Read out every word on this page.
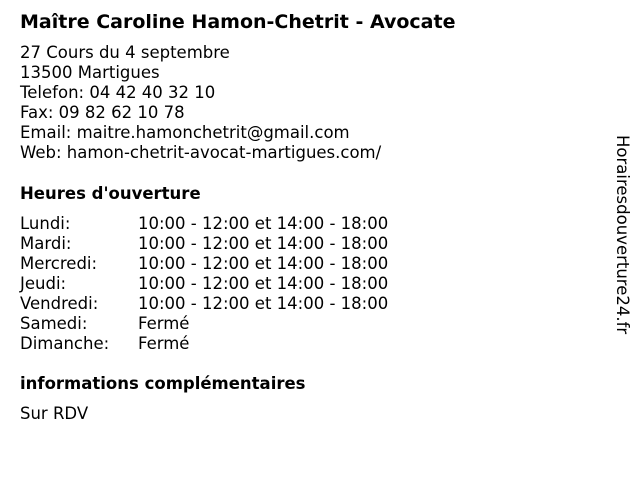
Maître Caroline Hamon-Chetrit - Avocate
27 Cours du 4 septembre
13500 Martigues
Telefon: 04 42 40 32 10
Fax: 09 82 62 10 78
Email: maitre.hamonchetrit@gmail.com
Web: hamon-chetrit-avocat-martigues.com/
Heures d'ouverture
Lundi:	10:00 - 12:00 et 14:00 - 18:00
Mardi:	10:00 - 12:00 et 14:00 - 18:00
Mercredi:	10:00 - 12:00 et 14:00 - 18:00
Jeudi:	10:00 - 12:00 et 14:00 - 18:00
Vendredi:	10:00 - 12:00 et 14:00 - 18:00
Samedi:	Fermé
Dimanche:	Fermé
informations complémentaires
Sur RDV
Horairesdouverture24.fr
